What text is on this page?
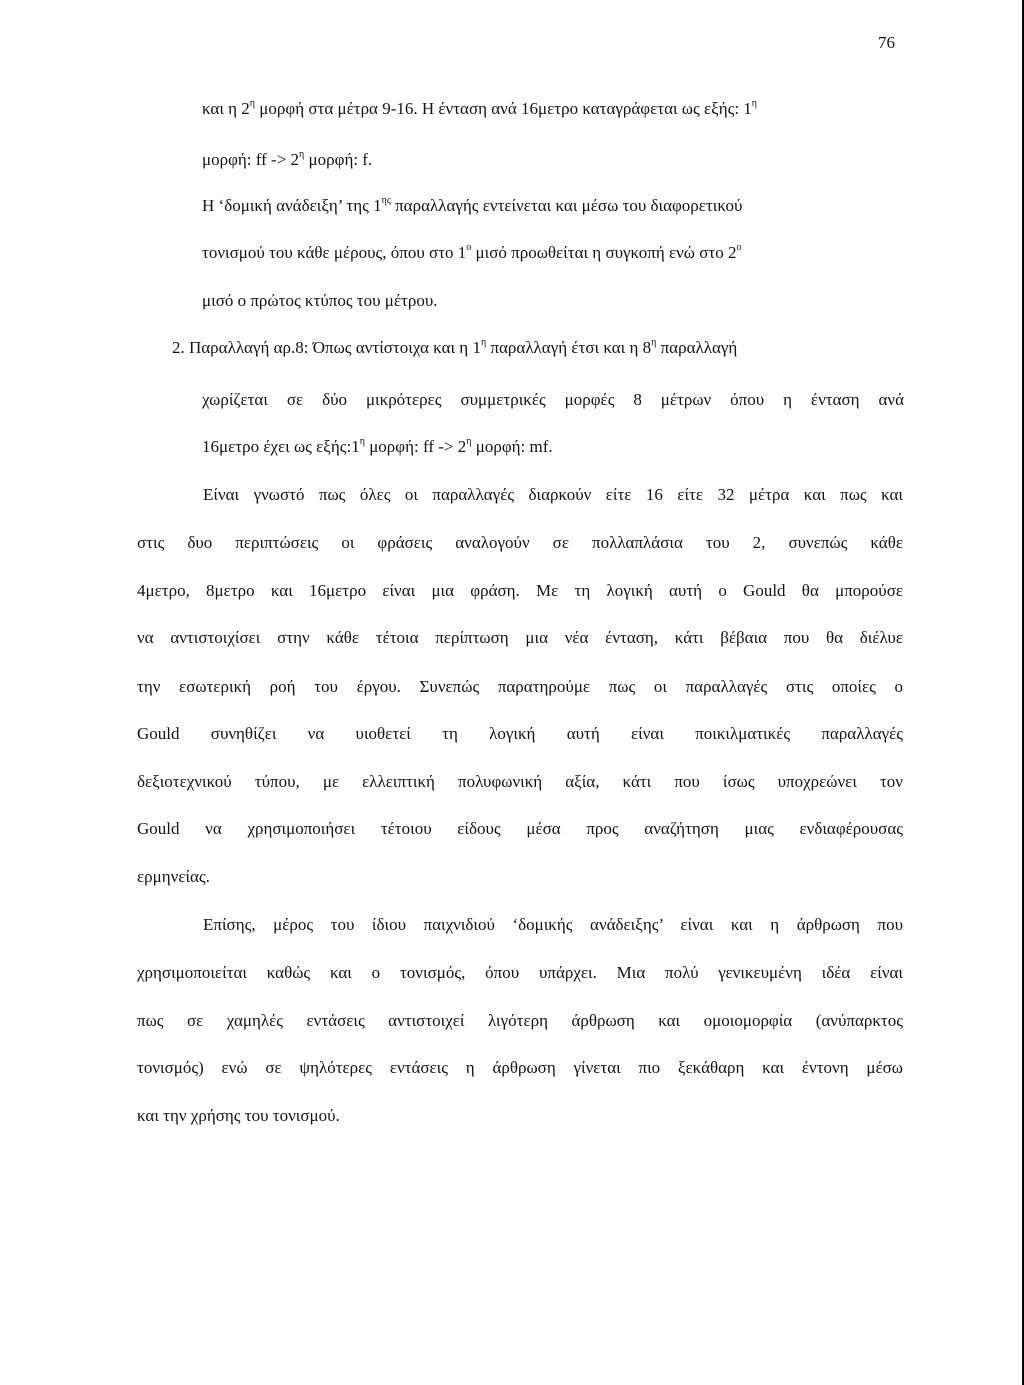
76
και η $2^\eta$ μορφή στα μέτρα 9-16. Η ένταση ανά 16μετρο καταγράφεται ως εξής: $1^\eta$
μορφή: ff -> $2^\eta$ μορφή: f.
Η ‘δομική ανάδειξη’ της $1^{\eta\varsigma}$ παραλλαγής εντείνεται και μέσω του διαφορετικού
τονισμού του κάθε μέρους, όπου στο $1^o$ μισό προωθείται η συγκοπή ενώ στο $2^o$
μισό ο πρώτος κτύπος του μέτρου.
2. Παραλλαγή αρ.8: Όπως αντίστοιχα και η $1^\eta$ παραλλαγή έτσι και η $8^\eta$ παραλλαγή
χωρίζεται σε δύο μικρότερες συμμετρικές μορφές 8 μέτρων όπου η ένταση ανά
16μετρο έχει ως $\varepsilon\xi ή\varsigma:1^\eta$ μορφή: ff -> $2^\eta$ μορφή: mf.
Είναι γνωστό πως όλες οι παραλλαγές διαρκούν είτε 16 είτε 32 μέτρα και πως και
στις δυο περιπτώσεις οι φράσεις αναλογούν σε πολλαπλάσια του 2, συνεπώς κάθε
4μετρο, 8μετρο και 16μετρο είναι μια φράση. Με τη λογική αυτή ο Gould θα μπορούσε
να αντιστοιχίσει στην κάθε τέτοια περίπτωση μια νέα ένταση, κάτι βέβαια που θα διέλυε
την εσωτερική ροή του έργου. Συνεπώς παρατηρούμε πως οι παραλλαγές στις οποίες ο
Gould συνηθίζει να υιοθετεί τη λογική αυτή είναι ποικιλματικές παραλλαγές
δεξιοτεχνικού τύπου, με ελλειπτική πολυφωνική αξία, κάτι που ίσως υποχρεώνει τον
Gould να χρησιμοποιήσει τέτοιου είδους μέσα προς αναζήτηση μιας ενδιαφέρουσας
ερμηνείας.
Επίσης, μέρος του ίδιου παιχνιδιού ‘δομικής ανάδειξης’ είναι και η άρθρωση που
χρησιμοποιείται καθώς και ο τονισμός, όπου υπάρχει. Μια πολύ γενικευμένη ιδέα είναι
πως σε χαμηλές εντάσεις αντιστοιχεί λιγότερη άρθρωση και ομοιομορφία (ανύπαρκτος
τονισμός) ενώ σε ψηλότερες εντάσεις η άρθρωση γίνεται πιο ξεκάθαρη και έντονη μέσω
και την χρήσης του τονισμού.
